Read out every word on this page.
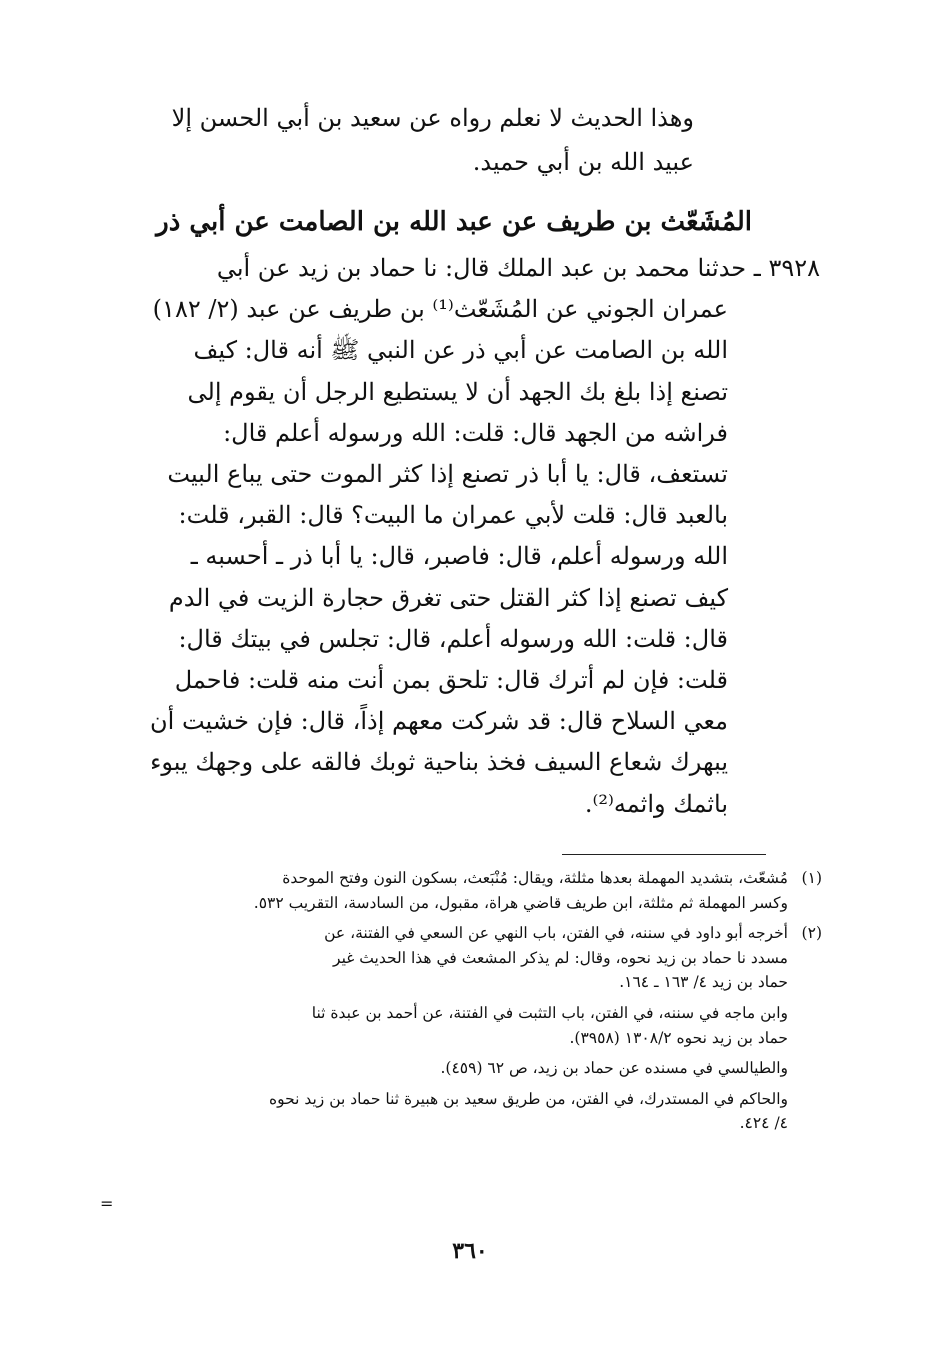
وهذا الحديث لا نعلم رواه عن سعيد بن أبي الحسن إلا
عبيد الله بن أبي حميد.
المُشَعّث بن طريف عن عبد الله بن الصامت عن أبي ذر
٣٩٢٨ ـ حدثنا محمد بن عبد الملك قال: نا حماد بن زيد عن أبي
عمران الجوني عن المُشَعّث⁽¹⁾ بن طريف عن عبد (٢/ ١٨٢)
الله بن الصامت عن أبي ذر عن النبي ﷺ أنه قال: كيف
تصنع إذا بلغ بك الجهد أن لا يستطيع الرجل أن يقوم إلى
فراشه من الجهد قال: قلت: الله ورسوله أعلم قال:
تستعف، قال: يا أبا ذر تصنع إذا كثر الموت حتى يباع البيت
بالعبد قال: قلت لأبي عمران ما البيت؟ قال: القبر، قلت:
الله ورسوله أعلم، قال: فاصبر، قال: يا أبا ذر ـ أحسبه ـ
كيف تصنع إذا كثر القتل حتى تغرق حجارة الزيت في الدم
قال: قلت: الله ورسوله أعلم، قال: تجلس في بيتك قال:
قلت: فإن لم أترك قال: تلحق بمن أنت منه قلت: فاحمل
معي السلاح قال: قد شركت معهم إذاً، قال: فإن خشيت أن
يبهرك شعاع السيف فخذ بناحية ثوبك فالقه على وجهك يبوء
باثمك واثمه⁽²⁾.
(١)مُشعّث، بتشديد المهملة بعدها مثلثة، ويقال: مُنْبَعث، بسكون النون وفتح الموحدة
وكسر المهملة ثم مثلثة، ابن طريف قاضي هراة، مقبول، من السادسة، التقريب ٥٣٢.
(٢)أخرجه أبو داود في سننه، في الفتن، باب النهي عن السعي في الفتنة، عن
مسدد نا حماد بن زيد نحوه، وقال: لم يذكر المشعث في هذا الحديث غير
حماد بن زيد ٤/ ١٦٣ ـ ١٦٤.
وابن ماجه في سننه، في الفتن، باب التثبت في الفتنة، عن أحمد بن عبدة ثنا
حماد بن زيد نحوه ١٣٠٨/٢ (٣٩٥٨).
والطيالسي في مسنده عن حماد بن زيد، ص ٦٢ (٤٥٩).
والحاكم في المستدرك، في الفتن، من طريق سعيد بن هبيرة ثنا حماد بن زيد نحوه
٤/ ٤٢٤.
=
٣٦٠
